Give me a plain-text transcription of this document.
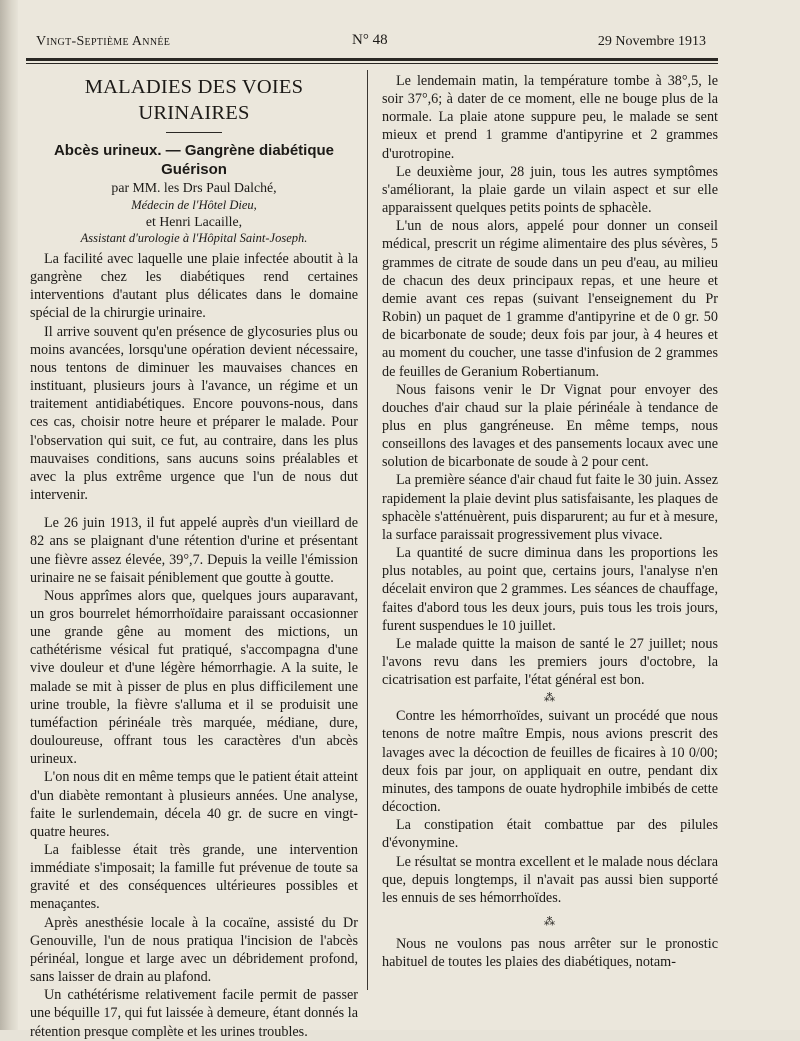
Vingt-Septième Année	N° 48	29 Novembre 1913
MALADIES DES VOIES URINAIRES
Abcès urineux. — Gangrène diabétique
Guérison
par MM. les Drs Paul Dalché,
Médecin de l'Hôtel Dieu,
et Henri Lacaille,
Assistant d'urologie à l'Hôpital Saint-Joseph.

La facilité avec laquelle une plaie infectée aboutit à la gangrène chez les diabétiques rend certaines interventions d'autant plus délicates dans le domaine spécial de la chirurgie urinaire.

Il arrive souvent qu'en présence de glycosuries plus ou moins avancées, lorsqu'une opération devient nécessaire, nous tentons de diminuer les mauvaises chances en instituant, plusieurs jours à l'avance, un régime et un traitement antidiabétiques. Encore pouvons-nous, dans ces cas, choisir notre heure et préparer le malade. Pour l'observation qui suit, ce fut, au contraire, dans les plus mauvaises conditions, sans aucuns soins préalables et avec la plus extrême urgence que l'un de nous dut intervenir.

Le 26 juin 1913, il fut appelé auprès d'un vieillard de 82 ans se plaignant d'une rétention d'urine et présentant une fièvre assez élevée, 39°,7. Depuis la veille l'émission urinaire ne se faisait péniblement que goutte à goutte.

Nous apprîmes alors que, quelques jours auparavant, un gros bourrelet hémorrhoïdaire paraissant occasionner une grande gêne au moment des mictions, un cathétérisme vésical fut pratiqué, s'accompagna d'une vive douleur et d'une légère hémorrhagie. A la suite, le malade se mit à pisser de plus en plus difficilement une urine trouble, la fièvre s'alluma et il se produisit une tuméfaction périnéale très marquée, médiane, dure, douloureuse, offrant tous les caractères d'un abcès urineux.

L'on nous dit en même temps que le patient était atteint d'un diabète remontant à plusieurs années. Une analyse, faite le surlendemain, décela 40 gr. de sucre en vingt-quatre heures.

La faiblesse était très grande, une intervention immédiate s'imposait; la famille fut prévenue de toute sa gravité et des conséquences ultérieures possibles et menaçantes.

Après anesthésie locale à la cocaïne, assisté du Dr Genouville, l'un de nous pratiqua l'incision de l'abcès périnéal, longue et large avec un débridement profond, sans laisser de drain au plafond.

Un cathétérisme relativement facile permit de passer une béquille 17, qui fut laissée à demeure, étant donnés la rétention presque complète et les urines troubles.

Le lendemain matin, la température tombe à 38°,5, le soir 37°,6; à dater de ce moment, elle ne bouge plus de la normale. La plaie atone suppure peu, le malade se sent mieux et prend 1 gramme d'antipyrine et 2 grammes d'urotropine.

Le deuxième jour, 28 juin, tous les autres symptômes s'améliorant, la plaie garde un vilain aspect et sur elle apparaissent quelques petits points de sphacèle.

L'un de nous alors, appelé pour donner un conseil médical, prescrit un régime alimentaire des plus sévères, 5 grammes de citrate de soude dans un peu d'eau, au milieu de chacun des deux principaux repas, et une heure et demie avant ces repas (suivant l'enseignement du Pr Robin) un paquet de 1 gramme d'antipyrine et de 0 gr. 50 de bicarbonate de soude; deux fois par jour, à 4 heures et au moment du coucher, une tasse d'infusion de 2 grammes de feuilles de Geranium Robertianum.

Nous faisons venir le Dr Vignat pour envoyer des douches d'air chaud sur la plaie périnéale à tendance de plus en plus gangréneuse. En même temps, nous conseillons des lavages et des pansements locaux avec une solution de bicarbonate de soude à 2 pour cent.

La première séance d'air chaud fut faite le 30 juin. Assez rapidement la plaie devint plus satisfaisante, les plaques de sphacèle s'atténuèrent, puis disparurent; au fur et à mesure, la surface paraissait progressivement plus vivace.

La quantité de sucre diminua dans les proportions les plus notables, au point que, certains jours, l'analyse n'en décelait environ que 2 grammes. Les séances de chauffage, faites d'abord tous les deux jours, puis tous les trois jours, furent suspendues le 10 juillet.

Le malade quitte la maison de santé le 27 juillet; nous l'avons revu dans les premiers jours d'octobre, la cicatrisation est parfaite, l'état général est bon.

⁂

Contre les hémorrhoïdes, suivant un procédé que nous tenons de notre maître Empis, nous avions prescrit des lavages avec la décoction de feuilles de ficaires à 10 0/00; deux fois par jour, on appliquait en outre, pendant dix minutes, des tampons de ouate hydrophile imbibés de cette décoction.

La constipation était combattue par des pilules d'évonymine.

Le résultat se montra excellent et le malade nous déclara que, depuis longtemps, il n'avait pas aussi bien supporté les ennuis de ses hémorrhoïdes.

⁂

Nous ne voulons pas nous arrêter sur le pronostic habituel de toutes les plaies des diabétiques, notam-
